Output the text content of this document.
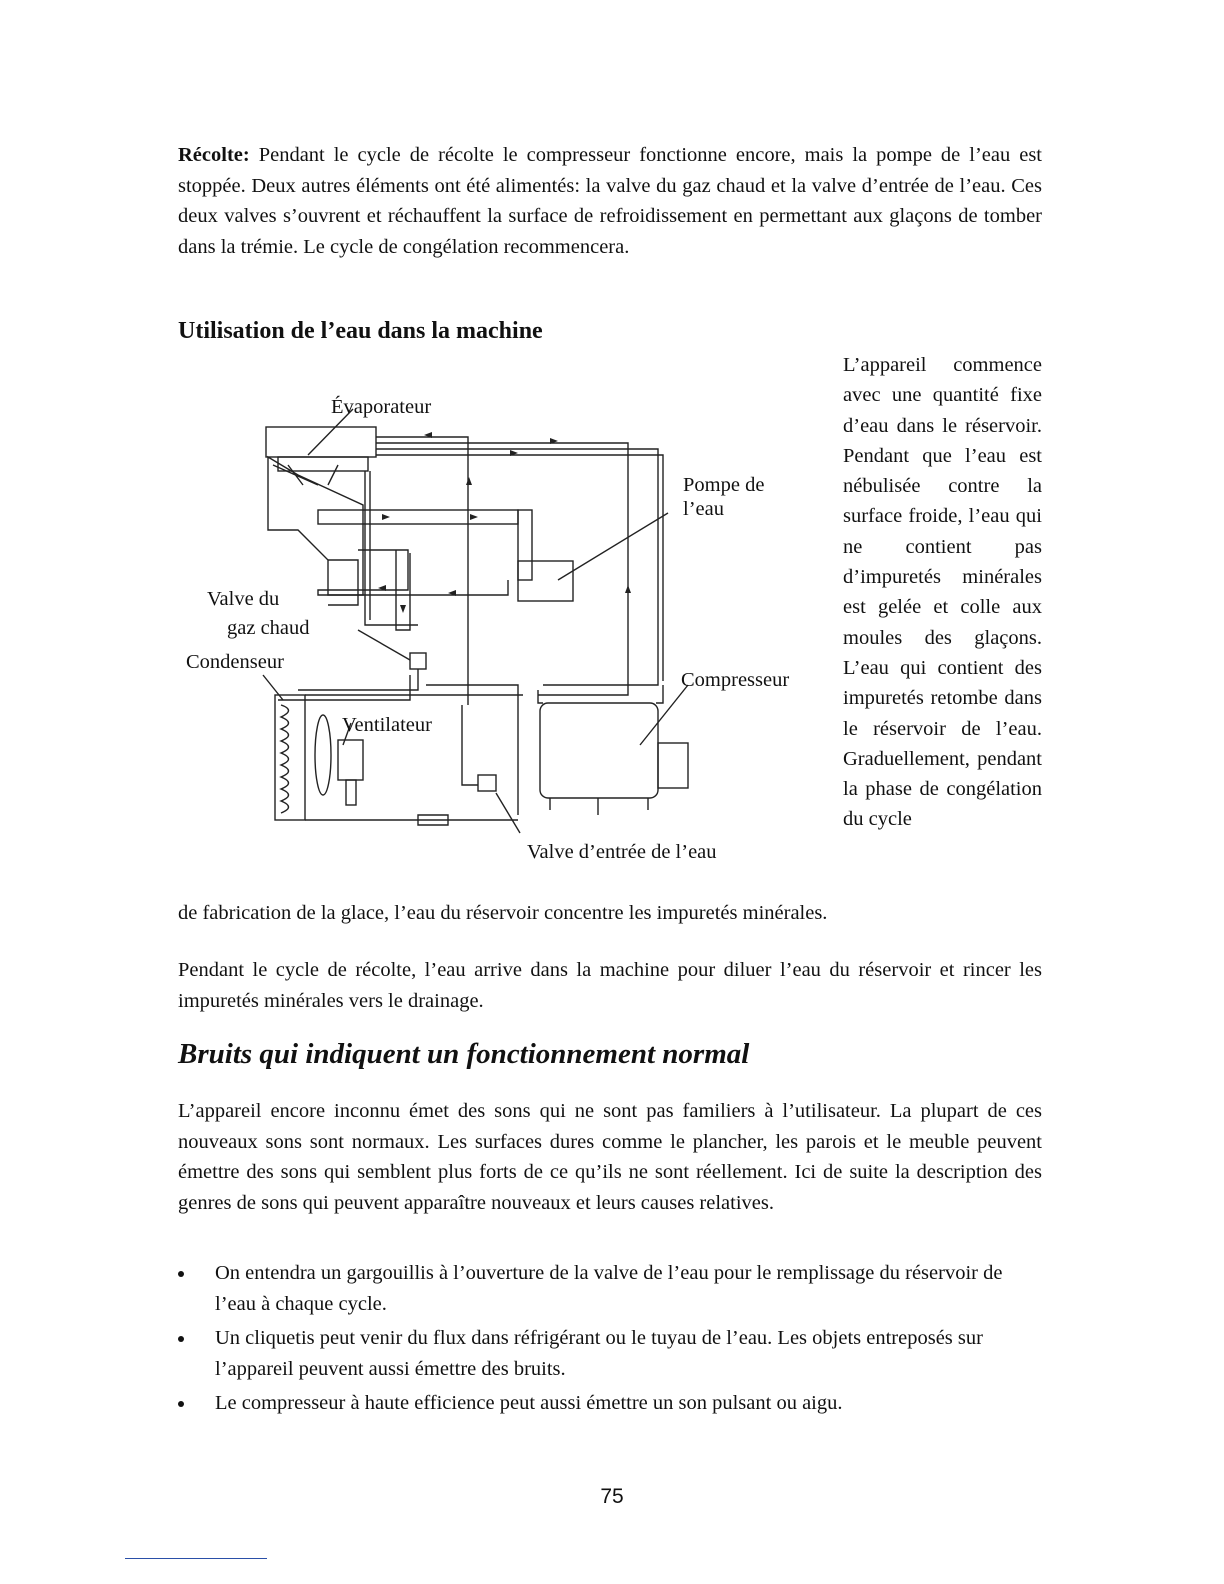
Récolte: Pendant le cycle de récolte le compresseur fonctionne encore, mais la pompe de l’eau est stoppée. Deux autres éléments ont été alimentés: la valve du gaz chaud et la valve d’entrée de l’eau. Ces deux valves s’ouvrent et réchauffent la surface de refroidissement en permettant aux glaçons de tomber dans la trémie. Le cycle de congélation recommencera.

Utilisation de l’eau dans la machine
Évaporateur
Pompe de
l’eau
Valve du
gaz chaud
Condenseur
Compresseur
Ventilateur
Valve d’entrée de l’eau
L’appareil commence avec une quantité fixe d’eau dans le réservoir. Pendant que l’eau est nébulisée contre la surface froide, l’eau qui ne contient pas d’impuretés minérales est gelée et colle aux moules des glaçons. L’eau qui contient des impuretés retombe dans le réservoir de l’eau. Graduellement, pendant la phase de congélation du cycle
de fabrication de la glace, l’eau du réservoir concentre les impuretés minérales.

Pendant le cycle de récolte, l’eau arrive dans la machine pour diluer l’eau du réservoir et rincer les impuretés minérales vers le drainage.

Bruits qui indiquent un fonctionnement normal

L’appareil encore inconnu émet des sons qui ne sont pas familiers à l’utilisateur. La plupart de ces nouveaux sons sont normaux. Les surfaces dures comme le plancher, les parois et le meuble peuvent émettre des sons qui semblent plus forts de ce qu’ils ne sont réellement. Ici de suite la description des genres de sons qui peuvent apparaître nouveaux et leurs causes relatives.

On entendra un gargouillis à l’ouverture de la valve de l’eau pour le remplissage du réservoir de l’eau à chaque cycle.
Un cliquetis peut venir du flux dans réfrigérant ou le tuyau de l’eau. Les objets entreposés sur l’appareil peuvent aussi émettre des bruits.
Le compresseur à haute efficience peut aussi émettre un son pulsant ou aigu.
75
